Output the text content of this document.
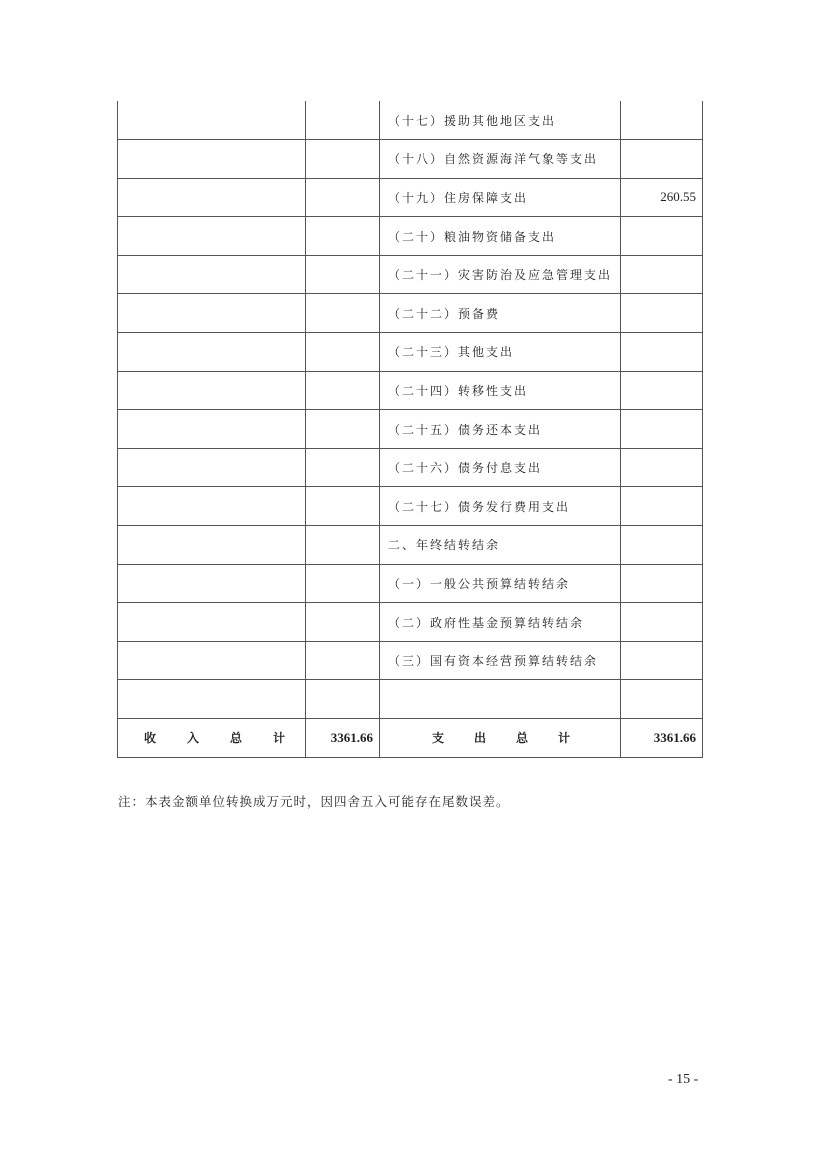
		（十七）援助其他地区支出	
		（十八）自然资源海洋气象等支出	
		（十九）住房保障支出	260.55
		（二十）粮油物资储备支出	
		（二十一）灾害防治及应急管理支出	
		（二十二）预备费	
		（二十三）其他支出	
		（二十四）转移性支出	
		（二十五）债务还本支出	
		（二十六）债务付息支出	
		（二十七）债务发行费用支出	
		二、年终结转结余	
		（一）一般公共预算结转结余	
		（二）政府性基金预算结转结余	
		（三）国有资本经营预算结转结余	

收 入 总 计	3361.66	支 出 总 计	3361.66
注：本表金额单位转换成万元时，因四舍五入可能存在尾数误差。
- 15 -
